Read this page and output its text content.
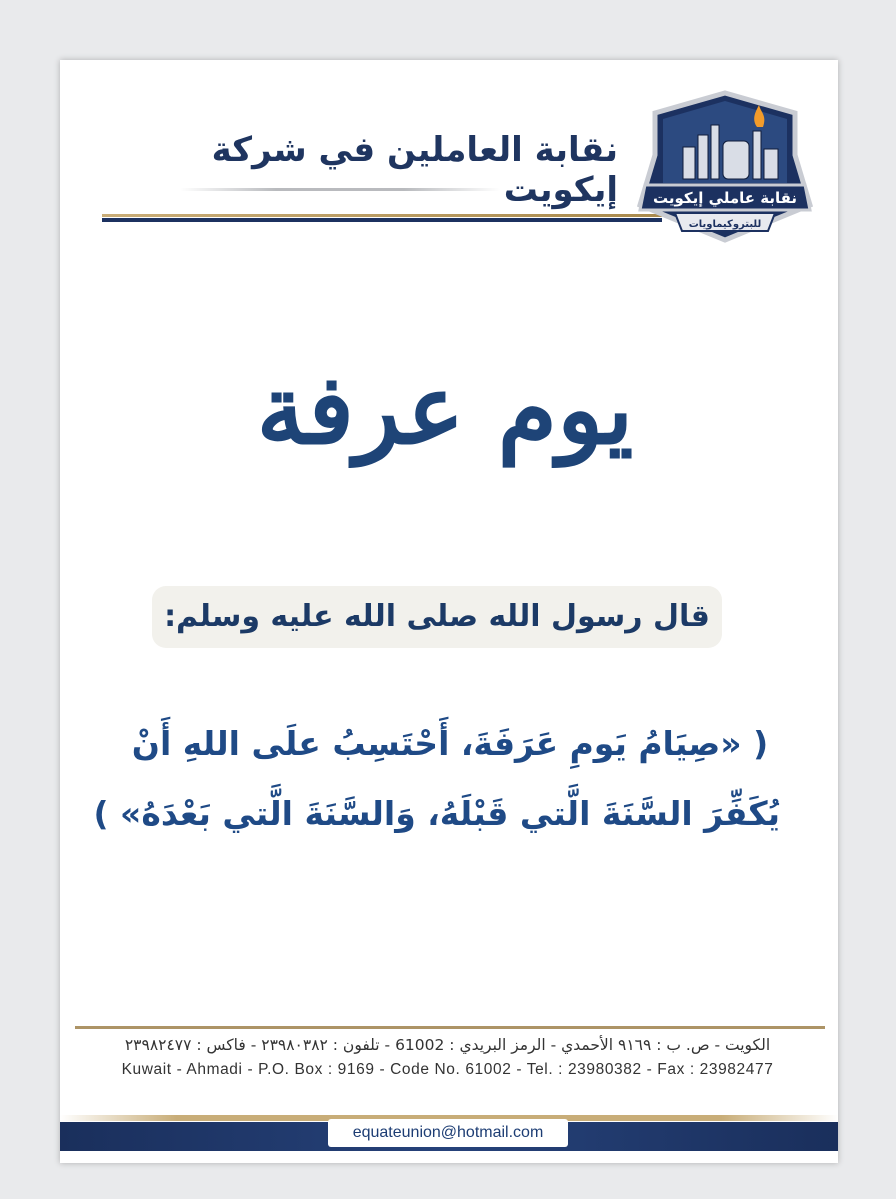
نقابة العاملين في شركة إيكويت نقابة عاملي إيكويت
للبتروكيماويات
يوم عرفة
قال رسول الله صلى الله عليه وسلم:
( «صِيَامُ يَومِ عَرَفَةَ، أَحْتَسِبُ علَى اللهِ أَنْ
يُكَفِّرَ السَّنَةَ الَّتي قَبْلَهُ، وَالسَّنَةَ الَّتي بَعْدَهُ» )
الكويت - ص. ب : ٩١٦٩ الأحمدي - الرمز البريدي : 61002 - تلفون : ٢٣٩٨٠٣٨٢ - فاكس : ٢٣٩٨٢٤٧٧
Kuwait - Ahmadi - P.O. Box : 9169 - Code No. 61002 - Tel. : 23980382 - Fax : 23982477
equateunion@hotmail.com
